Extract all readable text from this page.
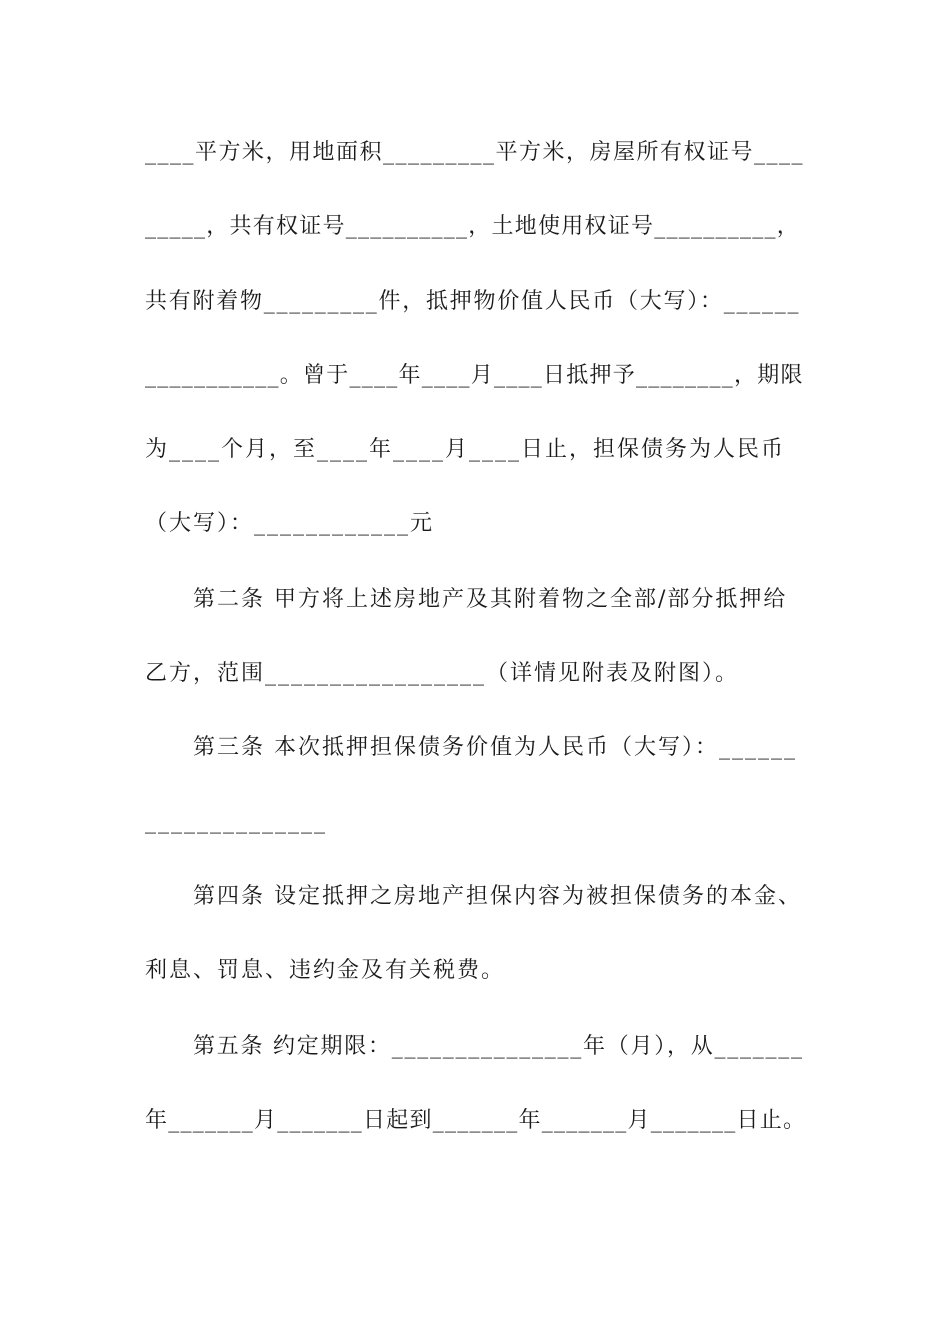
____平方米，用地面积_________平方米，房屋所有权证号____

_____，共有权证号__________，土地使用权证号__________，

共有附着物_________件，抵押物价值人民币（大写）：______

___________。曾于____年____月____日抵押予________，期限

为____个月，至____年____月____日止，担保债务为人民币

（大写）：____________元

第二条 甲方将上述房地产及其附着物之全部/部分抵押给

乙方，范围_________________（详情见附表及附图）。

第三条 本次抵押担保债务价值为人民币（大写）：______

______________

第四条 设定抵押之房地产担保内容为被担保债务的本金、

利息、罚息、违约金及有关税费。

第五条 约定期限：_______________年（月），从_______

年_______月_______日起到_______年_______月_______日止。
